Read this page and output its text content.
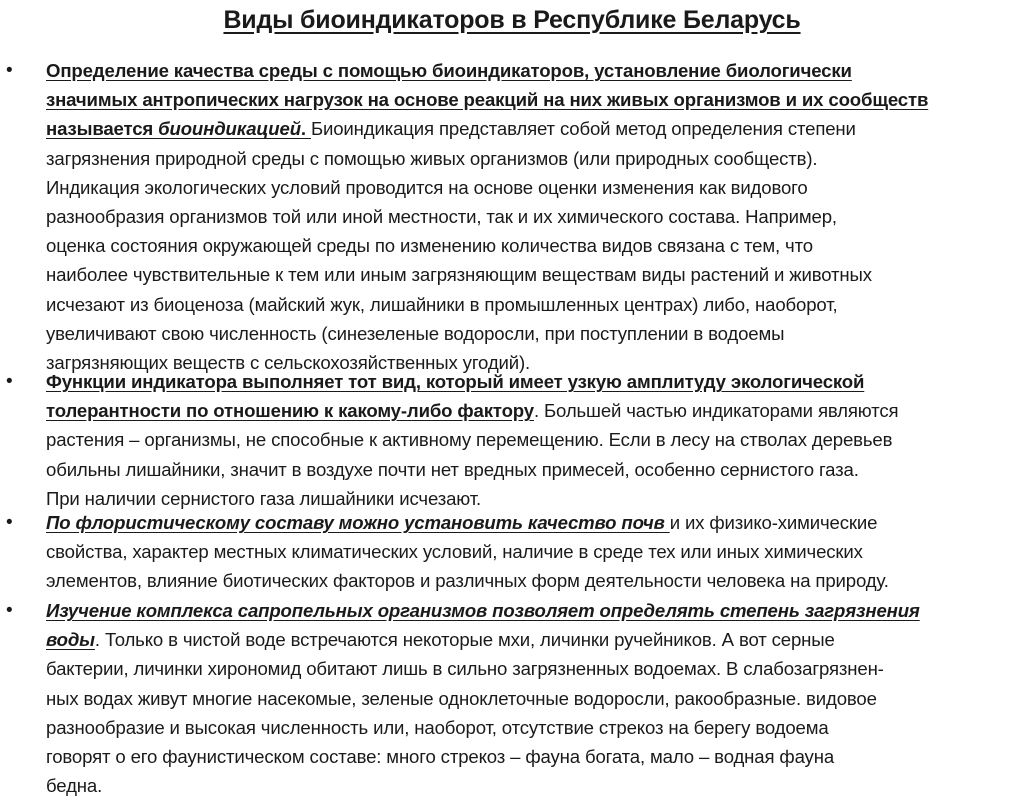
Виды биоиндикаторов в Республике Беларусь
• Определение качества среды с помощью биоиндикаторов, установление биологически
значимых антропических нагрузок на основе реакций на них живых организмов и их сообществ
называется биоиндикацией. Биоиндикация представляет собой метод определения степени
загрязнения природной среды с помощью живых организмов (или природных сообществ).
Индикация экологических условий проводится на основе оценки изменения как видового
разнообразия организмов той или иной местности, так и их химического состава. Например,
оценка состояния окружающей среды по изменению количества видов связана с тем, что
наиболее чувствительные к тем или иным загрязняющим веществам виды растений и животных
исчезают из биоценоза (майский жук, лишайники в промышленных центрах) либо, наоборот,
увеличивают свою численность (синезеленые водоросли, при поступлении в водоемы
загрязняющих веществ с сельскохозяйственных угодий).
• Функции индикатора выполняет тот вид, который имеет узкую амплитуду экологической
толерантности по отношению к какому-либо фактору. Большей частью индикаторами являются
растения – организмы, не способные к активному перемещению. Если в лесу на стволах деревьев
обильны лишайники, значит в воздухе почти нет вредных примесей, особенно сернистого газа.
При наличии сернистого газа лишайники исчезают.
• По флористическому составу можно установить качество почв и их физико-химические
свойства, характер местных климатических условий, наличие в среде тех или иных химических
элементов, влияние биотических факторов и различных форм деятельности человека на природу.
• Изучение комплекса сапропельных организмов позволяет определять степень загрязнения
воды. Только в чистой воде встречаются некоторые мхи, личинки ручейников. А вот серные
бактерии, личинки хирономид обитают лишь в сильно загрязненных водоемах. В слабозагрязнен-
ных водах живут многие насекомые, зеленые одноклеточные водоросли, ракообразные. видовое
разнообразие и высокая численность или, наоборот, отсутствие стрекоз на берегу водоема
говорят о его фаунистическом составе: много стрекоз – фауна богата, мало – водная фауна
бедна.
